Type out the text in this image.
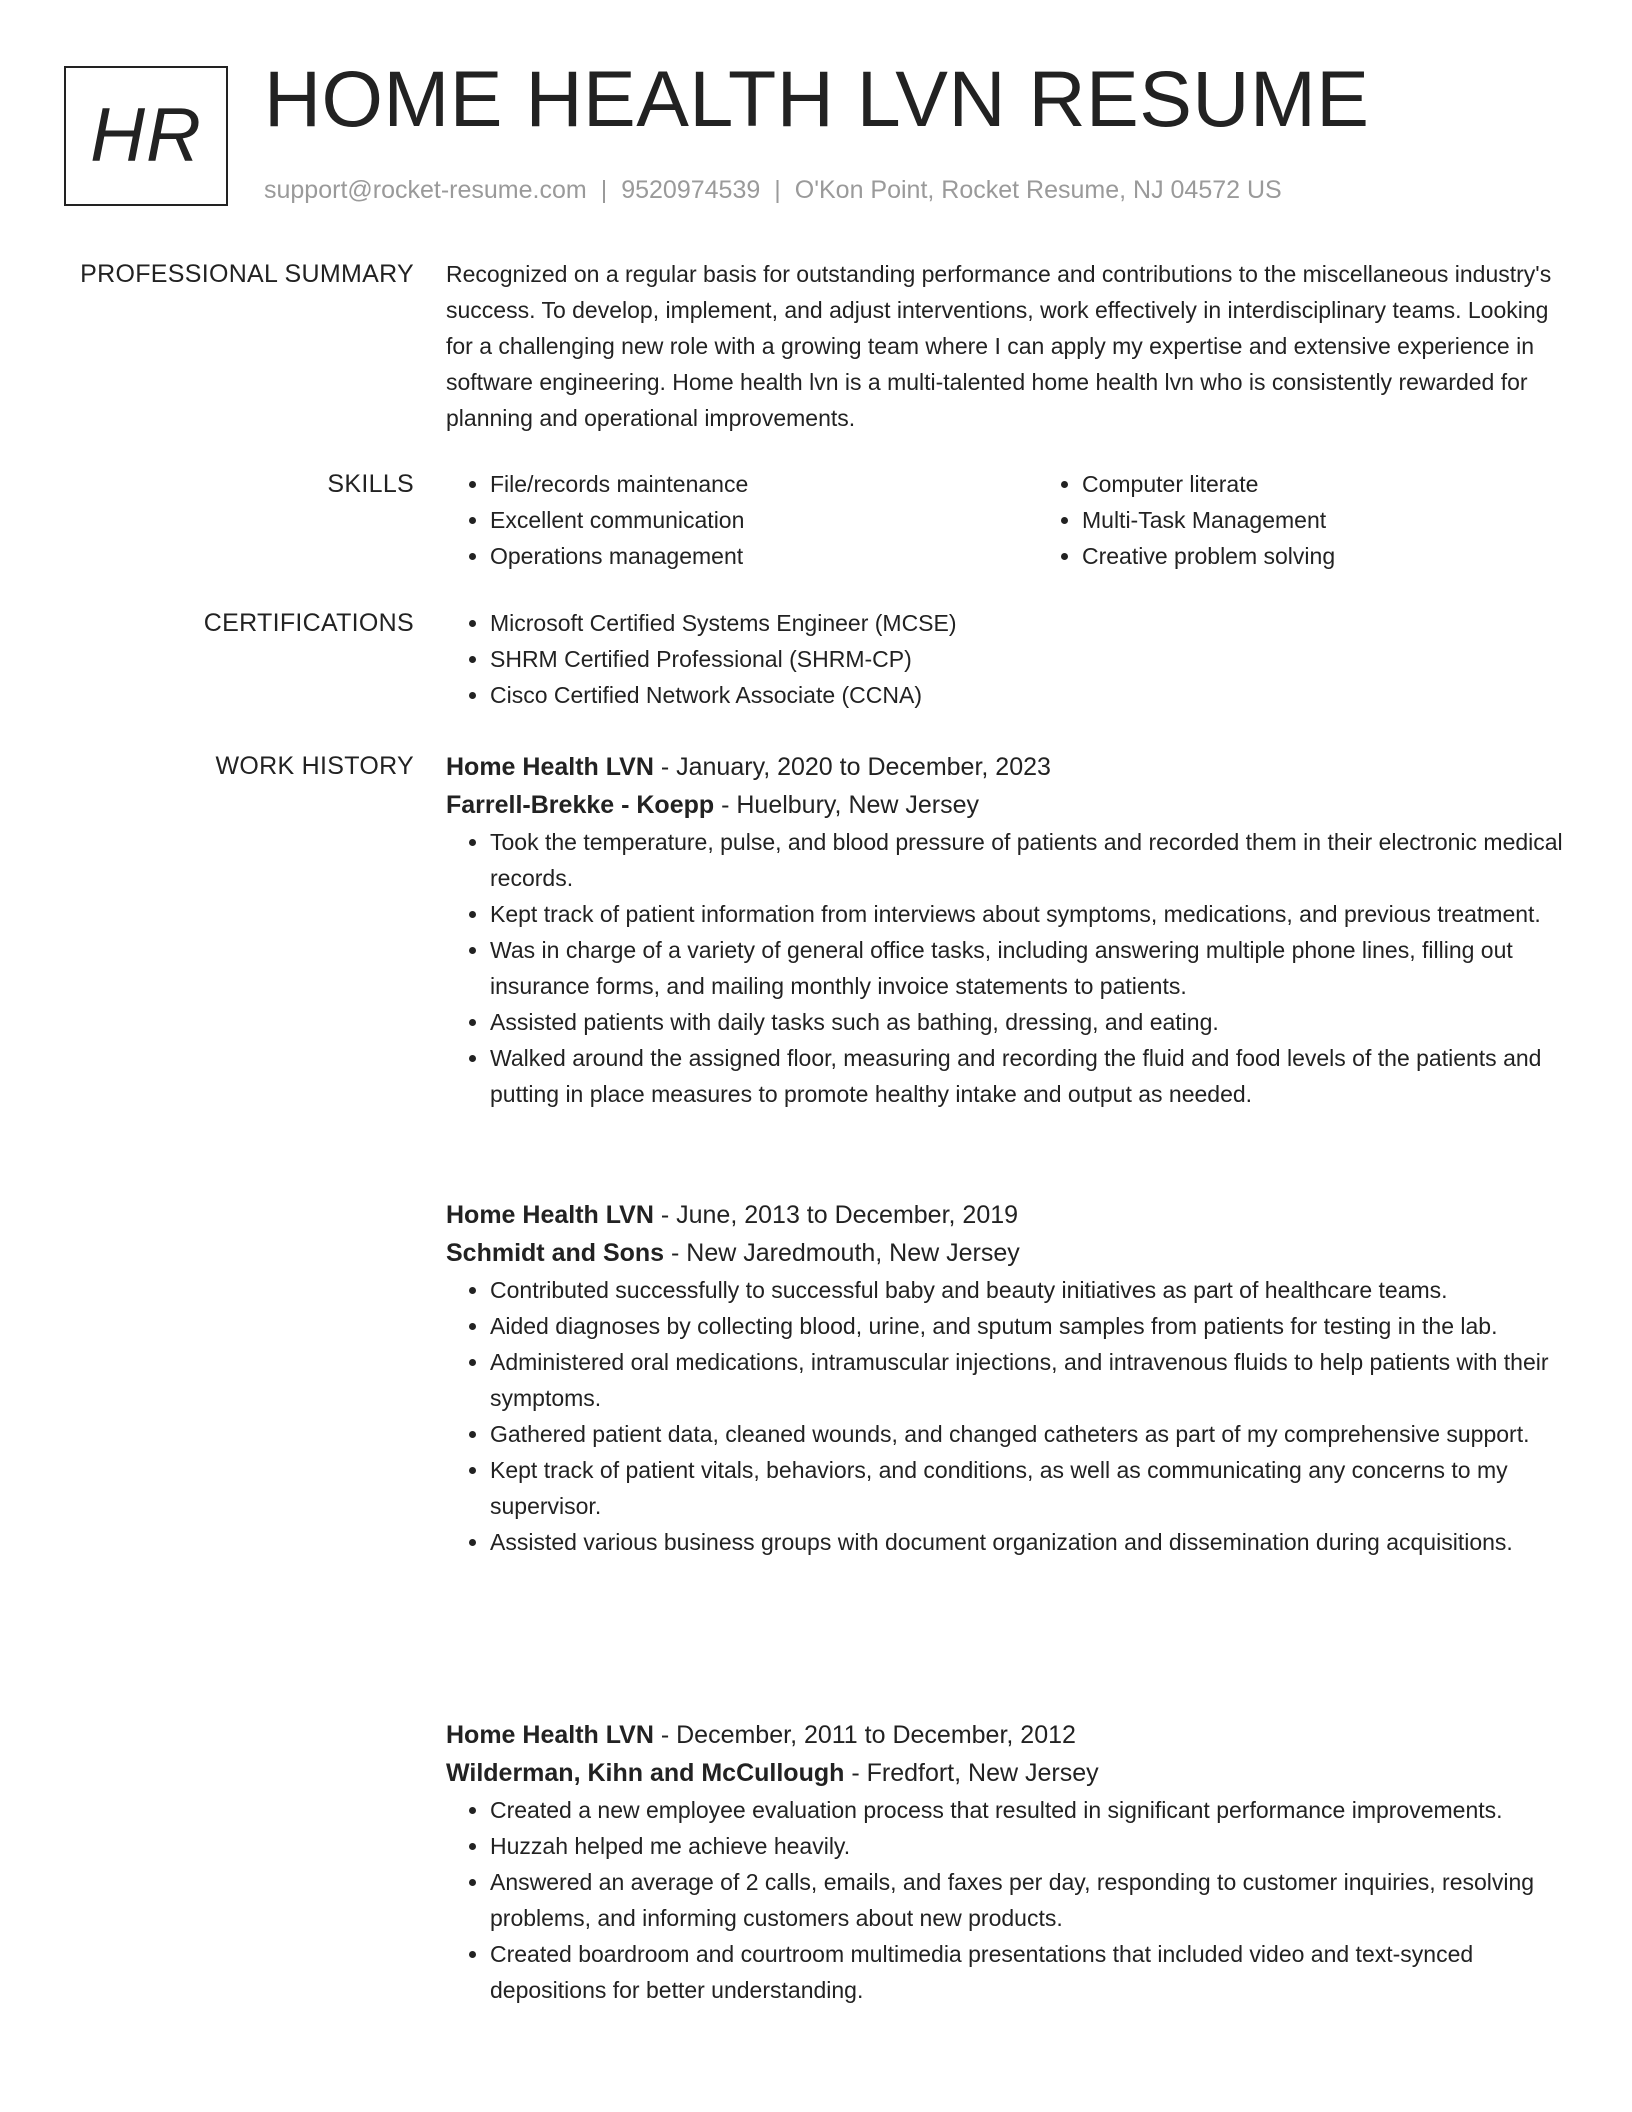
HR HOME HEALTH LVN RESUME
support@rocket-resume.com | 9520974539 | O'Kon Point, Rocket Resume, NJ 04572 US
PROFESSIONAL SUMMARY Recognized on a regular basis for outstanding performance and contributions to the miscellaneous industry's success. To develop, implement, and adjust interventions, work effectively in interdisciplinary teams. Looking for a challenging new role with a growing team where I can apply my expertise and extensive experience in software engineering. Home health lvn is a multi-talented home health lvn who is consistently rewarded for planning and operational improvements.
SKILLS	• File/records maintenance
• Excellent communication
• Operations management
• Computer literate
• Multi-Task Management
• Creative problem solving
CERTIFICATIONS	• Microsoft Certified Systems Engineer (MCSE)
• SHRM Certified Professional (SHRM-CP)
• Cisco Certified Network Associate (CCNA)
WORK HISTORY Home Health LVN - January, 2020 to December, 2023
Farrell-Brekke - Koepp - Huelbury, New Jersey
• Took the temperature, pulse, and blood pressure of patients and recorded them in their electronic medical records.
• Kept track of patient information from interviews about symptoms, medications, and previous treatment.
• Was in charge of a variety of general office tasks, including answering multiple phone lines, filling out insurance forms, and mailing monthly invoice statements to patients.
• Assisted patients with daily tasks such as bathing, dressing, and eating.
• Walked around the assigned floor, measuring and recording the fluid and food levels of the patients and putting in place measures to promote healthy intake and output as needed.
Home Health LVN - June, 2013 to December, 2019
Schmidt and Sons - New Jaredmouth, New Jersey
• Contributed successfully to successful baby and beauty initiatives as part of healthcare teams.
• Aided diagnoses by collecting blood, urine, and sputum samples from patients for testing in the lab.
• Administered oral medications, intramuscular injections, and intravenous fluids to help patients with their symptoms.
• Gathered patient data, cleaned wounds, and changed catheters as part of my comprehensive support.
• Kept track of patient vitals, behaviors, and conditions, as well as communicating any concerns to my supervisor.
• Assisted various business groups with document organization and dissemination during acquisitions.
Home Health LVN - December, 2011 to December, 2012
Wilderman, Kihn and McCullough - Fredfort, New Jersey
• Created a new employee evaluation process that resulted in significant performance improvements.
• Huzzah helped me achieve heavily.
• Answered an average of 2 calls, emails, and faxes per day, responding to customer inquiries, resolving problems, and informing customers about new products.
• Created boardroom and courtroom multimedia presentations that included video and text-synced depositions for better understanding.
